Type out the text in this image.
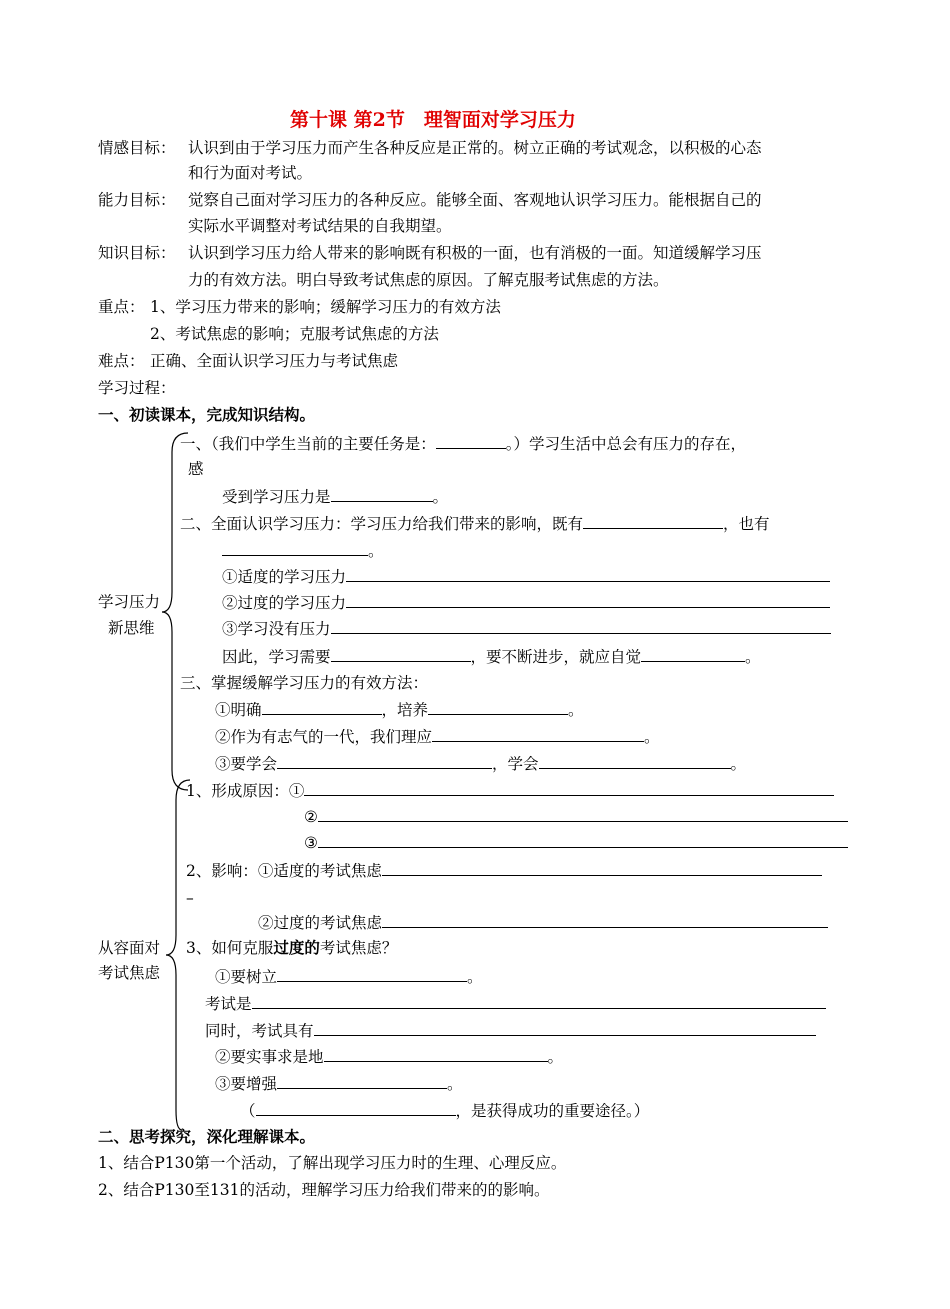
第十课 第2节　理智面对学习压力
情感目标： 认识到由于学习压力而产生各种反应是正常的。树立正确的考试观念，以积极的心态
和行为面对考试。
能力目标： 觉察自己面对学习压力的各种反应。能够全面、客观地认识学习压力。能根据自己的
实际水平调整对考试结果的自我期望。
知识目标： 认识到学习压力给人带来的影响既有积极的一面，也有消极的一面。知道缓解学习压
力的有效方法。明白导致考试焦虑的原因。了解克服考试焦虑的方法。
重点： 1、学习压力带来的影响；缓解学习压力的有效方法
2、考试焦虑的影响；克服考试焦虑的方法
难点： 正确、全面认识学习压力与考试焦虑
学习过程：
一、初读课本，完成知识结构。
学习压力
新思维
一、（我们中学生当前的主要任务是：	。）学习生活中总会有压力的存在，
感
受到学习压力是	。
二、全面认识学习压力：学习压力给我们带来的影响，既有	，也有
。
①适度的学习压力
②过度的学习压力
③学习没有压力
因此，学习需要	，要不断进步，就应自觉	。
三、掌握缓解学习压力的有效方法：
①明确	，培养	。
②作为有志气的一代，我们理应	。
③要学会	，学会	。
从容面对
考试焦虑
1、形成原因：①
②
③
2、影响：①适度的考试焦虑
–
②过度的考试焦虑
3、如何克服过度的考试焦虑？
①要树立	。
考试是
同时，考试具有
②要实事求是地	。
③要增强	。
（	，是获得成功的重要途径。）
二、思考探究，深化理解课本。
1、结合P130第一个活动，了解出现学习压力时的生理、心理反应。
2、结合P130至131的活动，理解学习压力给我们带来的的影响。
